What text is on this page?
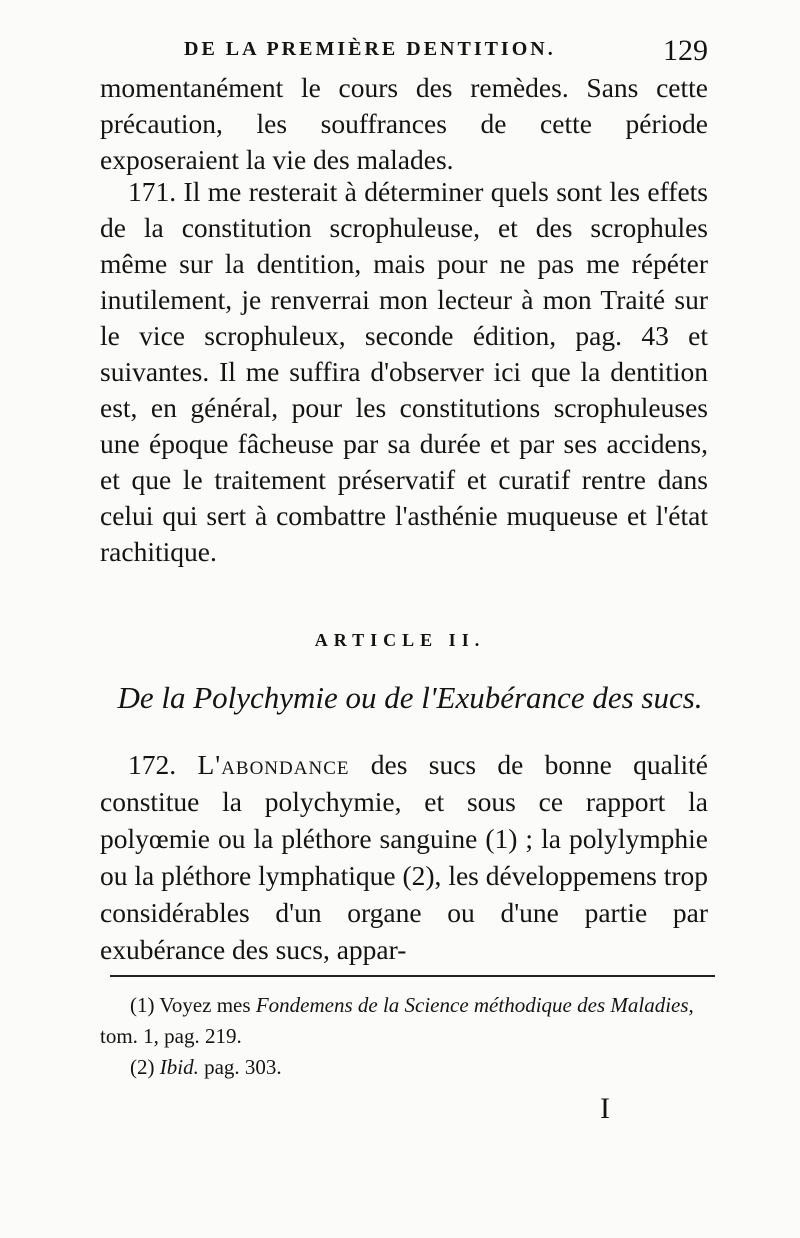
DE LA PREMIÈRE DENTITION.	129

momentanément le cours des remèdes. Sans cette précaution, les souffrances de cette période exposeraient la vie des malades.

171. Il me resterait à déterminer quels sont les effets de la constitution scrophuleuse, et des scrophules même sur la dentition, mais pour ne pas me répéter inutilement, je renverrai mon lecteur à mon Traité sur le vice scrophuleux, seconde édition, pag. 43 et suivantes. Il me suffira d'observer ici que la dentition est, en général, pour les constitutions scrophuleuses une époque fâcheuse par sa durée et par ses accidens, et que le traitement préservatif et curatif rentre dans celui qui sert à combattre l'asthénie muqueuse et l'état rachitique.

ARTICLE II.
De la Polychymie ou de l'Exubérance des sucs.

172. L'abondance des sucs de bonne qualité constitue la polychymie, et sous ce rapport la polyœmie ou la pléthore sanguine (1) ; la polylymphie ou la pléthore lymphatique (2), les développemens trop considérables d'un organe ou d'une partie par exubérance des sucs, appar-

(1) Voyez mes Fondemens de la Science méthodique des Maladies, tom. 1, pag. 219.
(2) Ibid. pag. 303.
I
